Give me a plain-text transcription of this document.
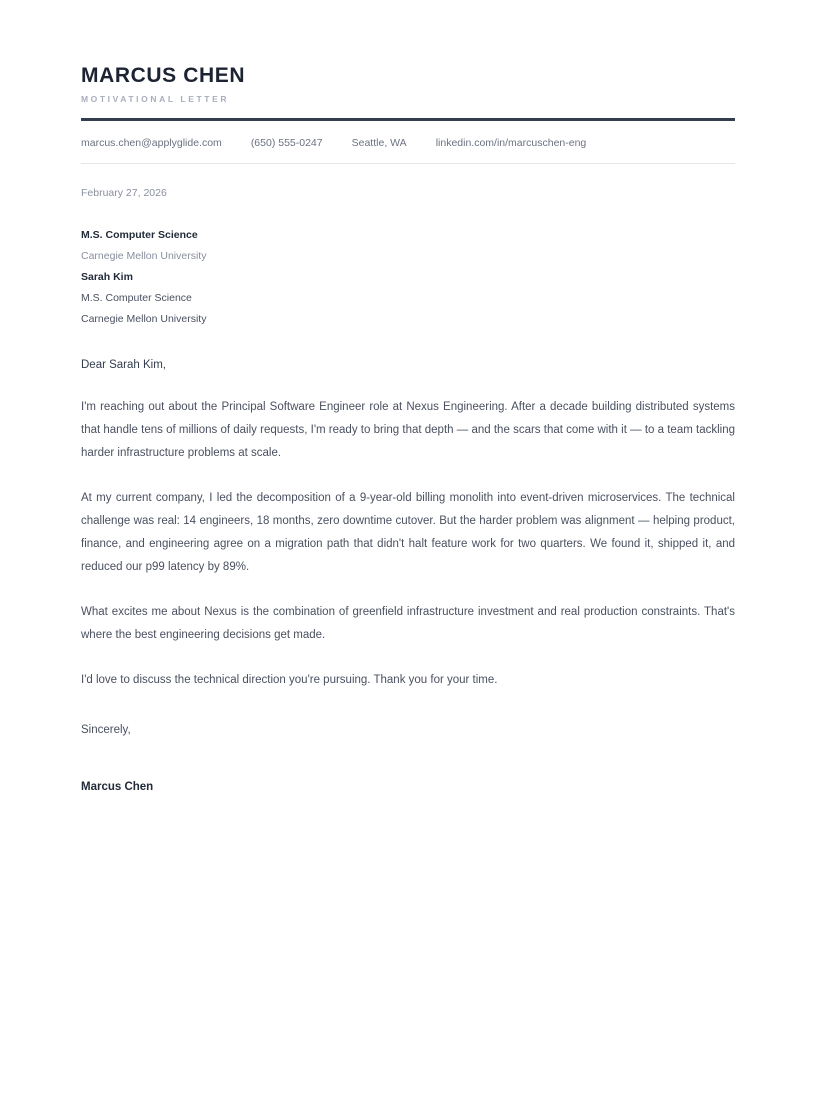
MARCUS CHEN
MOTIVATIONAL LETTER
marcus.chen@applyglide.com	(650) 555-0247	Seattle, WA	linkedin.com/in/marcuschen-eng
February 27, 2026
M.S. Computer Science
Carnegie Mellon University
Sarah Kim
M.S. Computer Science
Carnegie Mellon University
Dear Sarah Kim,

I'm reaching out about the Principal Software Engineer role at Nexus Engineering. After a decade building distributed systems that handle tens of millions of daily requests, I'm ready to bring that depth — and the scars that come with it — to a team tackling harder infrastructure problems at scale.

At my current company, I led the decomposition of a 9-year-old billing monolith into event-driven microservices. The technical challenge was real: 14 engineers, 18 months, zero downtime cutover. But the harder problem was alignment — helping product, finance, and engineering agree on a migration path that didn't halt feature work for two quarters. We found it, shipped it, and reduced our p99 latency by 89%.

What excites me about Nexus is the combination of greenfield infrastructure investment and real production constraints. That's where the best engineering decisions get made.

I'd love to discuss the technical direction you're pursuing. Thank you for your time.

Sincerely,
Marcus Chen
